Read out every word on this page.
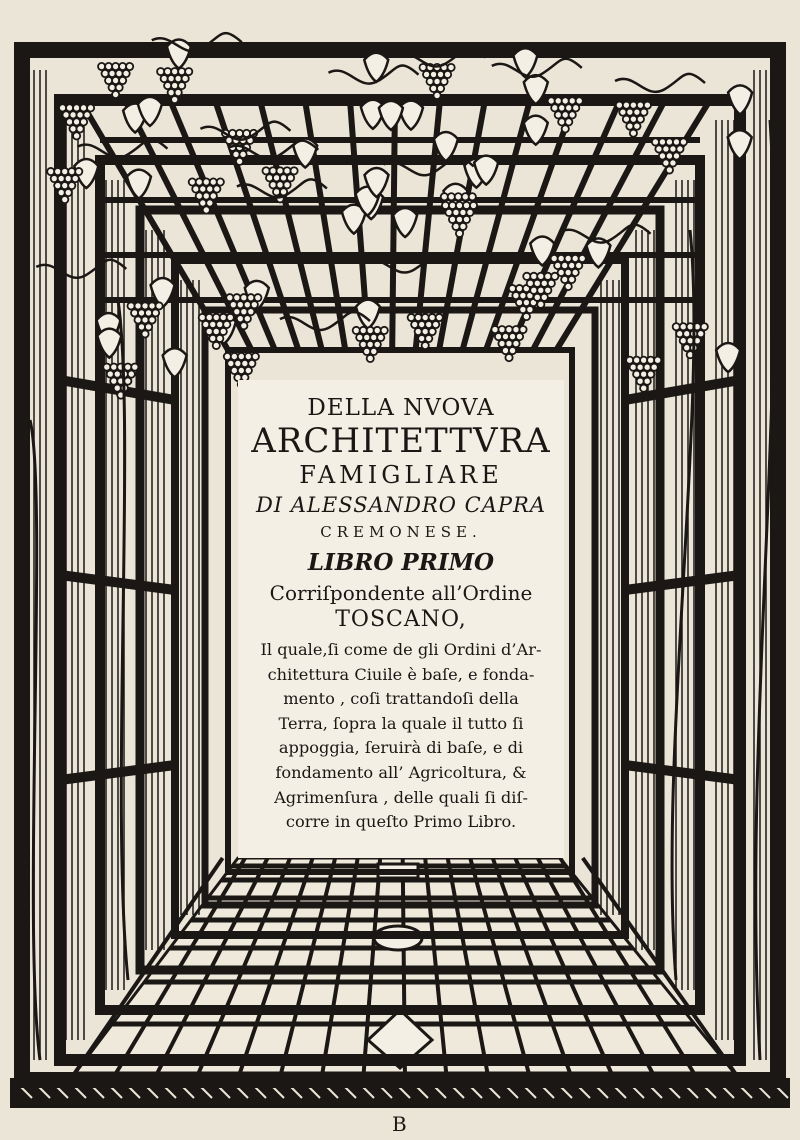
DELLA NVOVA
ARCHITETTVRA
FAMIGLIARE
DI ALESSANDRO CAPRA
CREMONESE.
LIBRO PRIMO
Corriſpondente all’Ordine
TOSCANO,
Il quale,ſi come de gli Ordini d’Ar-
chitettura Ciuile è baſe, e fonda-
mento , coſi trattandoſi della
Terra, ſopra la quale il tutto ſi
appoggia, ſeruirà di baſe, e di
fondamento all’ Agricoltura, &
Agrimenſura , delle quali ſi diſ-
corre in queſto Primo Libro.
B
